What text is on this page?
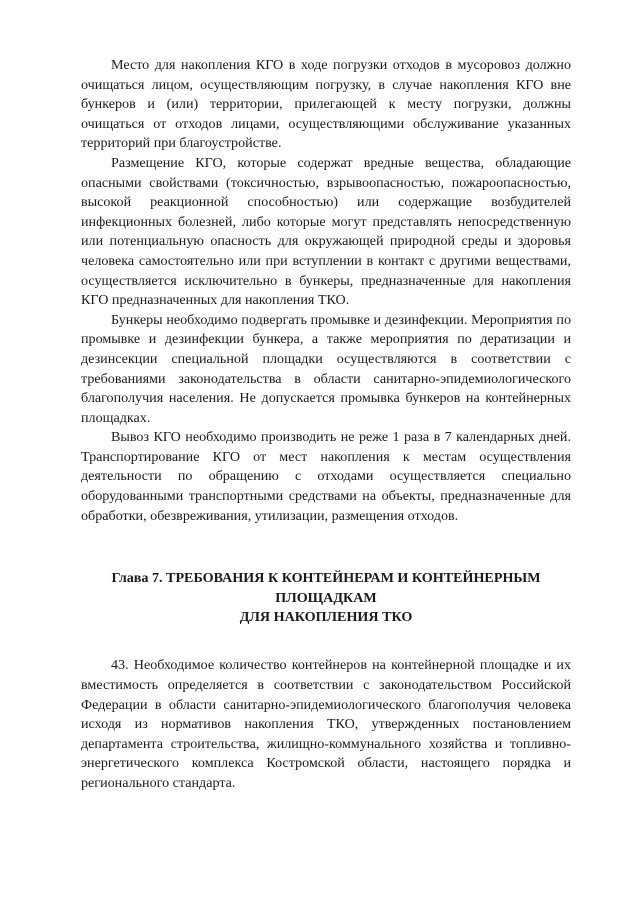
Место для накопления КГО в ходе погрузки отходов в мусоровоз должно очищаться лицом, осуществляющим погрузку, в случае накопления КГО вне бункеров и (или) территории, прилегающей к месту погрузки, должны очищаться от отходов лицами, осуществляющими обслуживание указанных территорий при благоустройстве.

Размещение КГО, которые содержат вредные вещества, обладающие опасными свойствами (токсичностью, взрывоопасностью, пожароопасностью, высокой реакционной способностью) или содержащие возбудителей инфекционных болезней, либо которые могут представлять непосредственную или потенциальную опасность для окружающей природной среды и здоровья человека самостоятельно или при вступлении в контакт с другими веществами, осуществляется исключительно в бункеры, предназначенные для накопления КГО предназначенных для накопления ТКО.

Бункеры необходимо подвергать промывке и дезинфекции. Мероприятия по промывке и дезинфекции бункера, а также мероприятия по дератизации и дезинсекции специальной площадки осуществляются в соответствии с требованиями законодательства в области санитарно-эпидемиологического благополучия населения. Не допускается промывка бункеров на контейнерных площадках.

Вывоз КГО необходимо производить не реже 1 раза в 7 календарных дней. Транспортирование КГО от мест накопления к местам осуществления деятельности по обращению с отходами осуществляется специально оборудованными транспортными средствами на объекты, предназначенные для обработки, обезвреживания, утилизации, размещения отходов.

Глава 7. ТРЕБОВАНИЯ К КОНТЕЙНЕРАМ И КОНТЕЙНЕРНЫМ
ПЛОЩАДКАМ
ДЛЯ НАКОПЛЕНИЯ ТКО

43. Необходимое количество контейнеров на контейнерной площадке и их вместимость определяется в соответствии с законодательством Российской Федерации в области санитарно-эпидемиологического благополучия человека исходя из нормативов накопления ТКО, утвержденных постановлением департамента строительства, жилищно-коммунального хозяйства и топливно-энергетического комплекса Костромской области, настоящего порядка и регионального стандарта.
